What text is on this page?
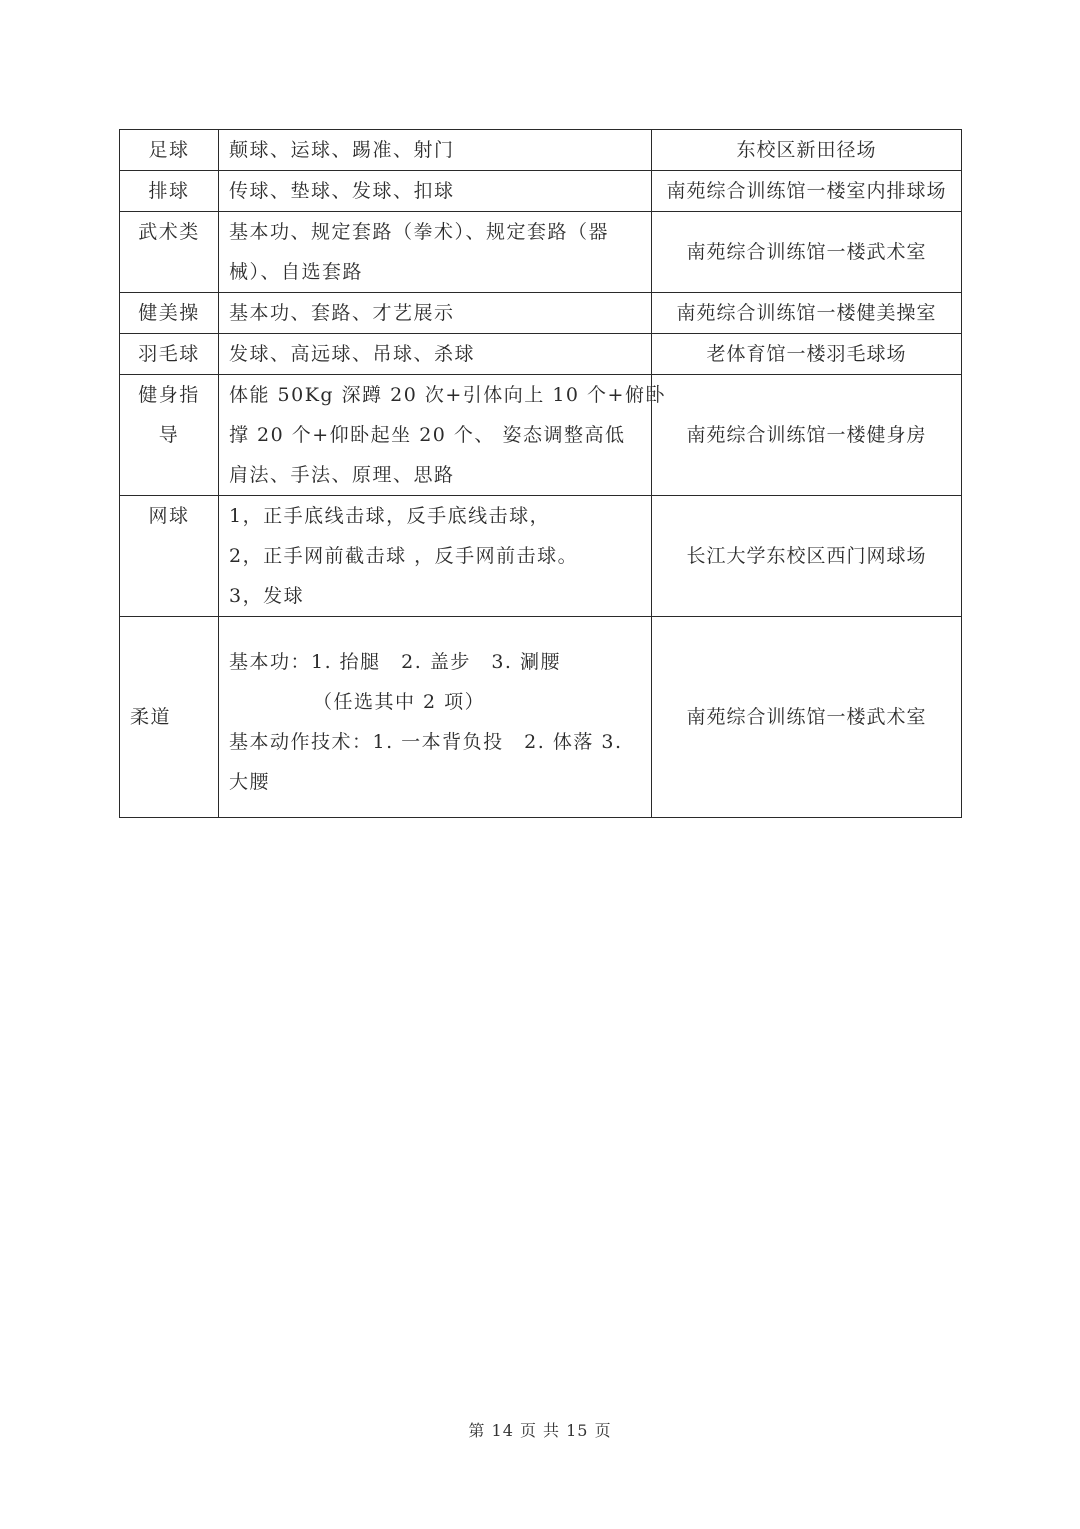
足球	颠球、运球、踢准、射门	东校区新田径场

排球	传球、垫球、发球、扣球	南苑综合训练馆一楼室内排球场

武术类	基本功、规定套路（拳术）、规定套路（器
械）、自选套路	南苑综合训练馆一楼武术室

健美操	基本功、套路、才艺展示	南苑综合训练馆一楼健美操室

羽毛球	发球、高远球、吊球、杀球	老体育馆一楼羽毛球场

健身指
导	体能 50Kg 深蹲 20 次+引体向上 10 个+俯卧
撑 20 个+仰卧起坐 20 个、 姿态调整高低
肩法、手法、原理、思路	南苑综合训练馆一楼健身房

网球	1，正手底线击球，反手底线击球，
2，正手网前截击球 ，反手网前击球。
3，发球	长江大学东校区西门网球场

柔道	基本功：1. 抬腿　2. 盖步　3. 涮腰
（任选其中 2 项）
基本动作技术：1. 一本背负投　2. 体落 3.
大腰	南苑综合训练馆一楼武术室
第 14 页 共 15 页
